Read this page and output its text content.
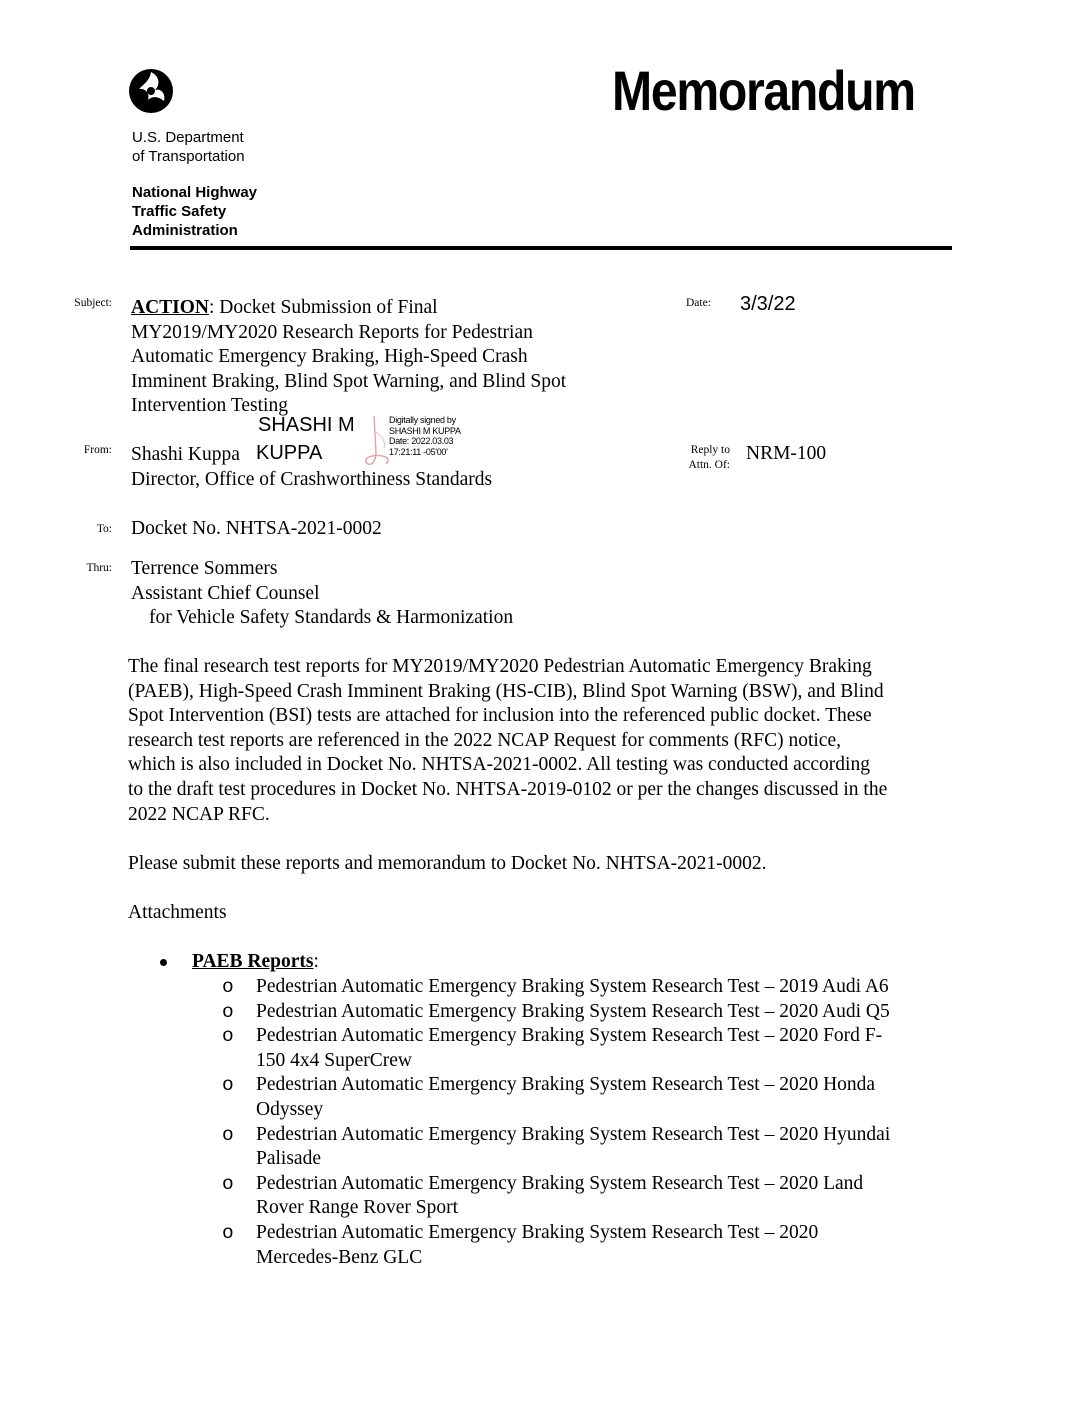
Memorandum
U.S. Department
of Transportation
National Highway
Traffic Safety
Administration
Subject: ACTION: Docket Submission of Final
MY2019/MY2020 Research Reports for Pedestrian
Automatic Emergency Braking, High-Speed Crash
Imminent Braking, Blind Spot Warning, and Blind Spot
Intervention Testing
Date: 3/3/22
SHASHI M
KUPPA
Digitally signed by
SHASHI M KUPPA
Date: 2022.03.03
17:21:11 -05'00'
From: Shashi Kuppa
Director, Office of Crashworthiness Standards
Reply to
Attn. Of:
NRM-100
To: Docket No. NHTSA-2021-0002
Thru: Terrence Sommers
Assistant Chief Counsel
for Vehicle Safety Standards & Harmonization
The final research test reports for MY2019/MY2020 Pedestrian Automatic Emergency Braking
(PAEB), High-Speed Crash Imminent Braking (HS-CIB), Blind Spot Warning (BSW), and Blind
Spot Intervention (BSI) tests are attached for inclusion into the referenced public docket. These
research test reports are referenced in the 2022 NCAP Request for comments (RFC) notice,
which is also included in Docket No. NHTSA-2021-0002. All testing was conducted according
to the draft test procedures in Docket No. NHTSA-2019-0102 or per the changes discussed in the
2022 NCAP RFC.
Please submit these reports and memorandum to Docket No. NHTSA-2021-0002.
Attachments
PAEB Reports:
o Pedestrian Automatic Emergency Braking System Research Test – 2019 Audi A6
o Pedestrian Automatic Emergency Braking System Research Test – 2020 Audi Q5
o Pedestrian Automatic Emergency Braking System Research Test – 2020 Ford F-
150 4x4 SuperCrew
o Pedestrian Automatic Emergency Braking System Research Test – 2020 Honda
Odyssey
o Pedestrian Automatic Emergency Braking System Research Test – 2020 Hyundai
Palisade
o Pedestrian Automatic Emergency Braking System Research Test – 2020 Land
Rover Range Rover Sport
o Pedestrian Automatic Emergency Braking System Research Test – 2020
Mercedes-Benz GLC
